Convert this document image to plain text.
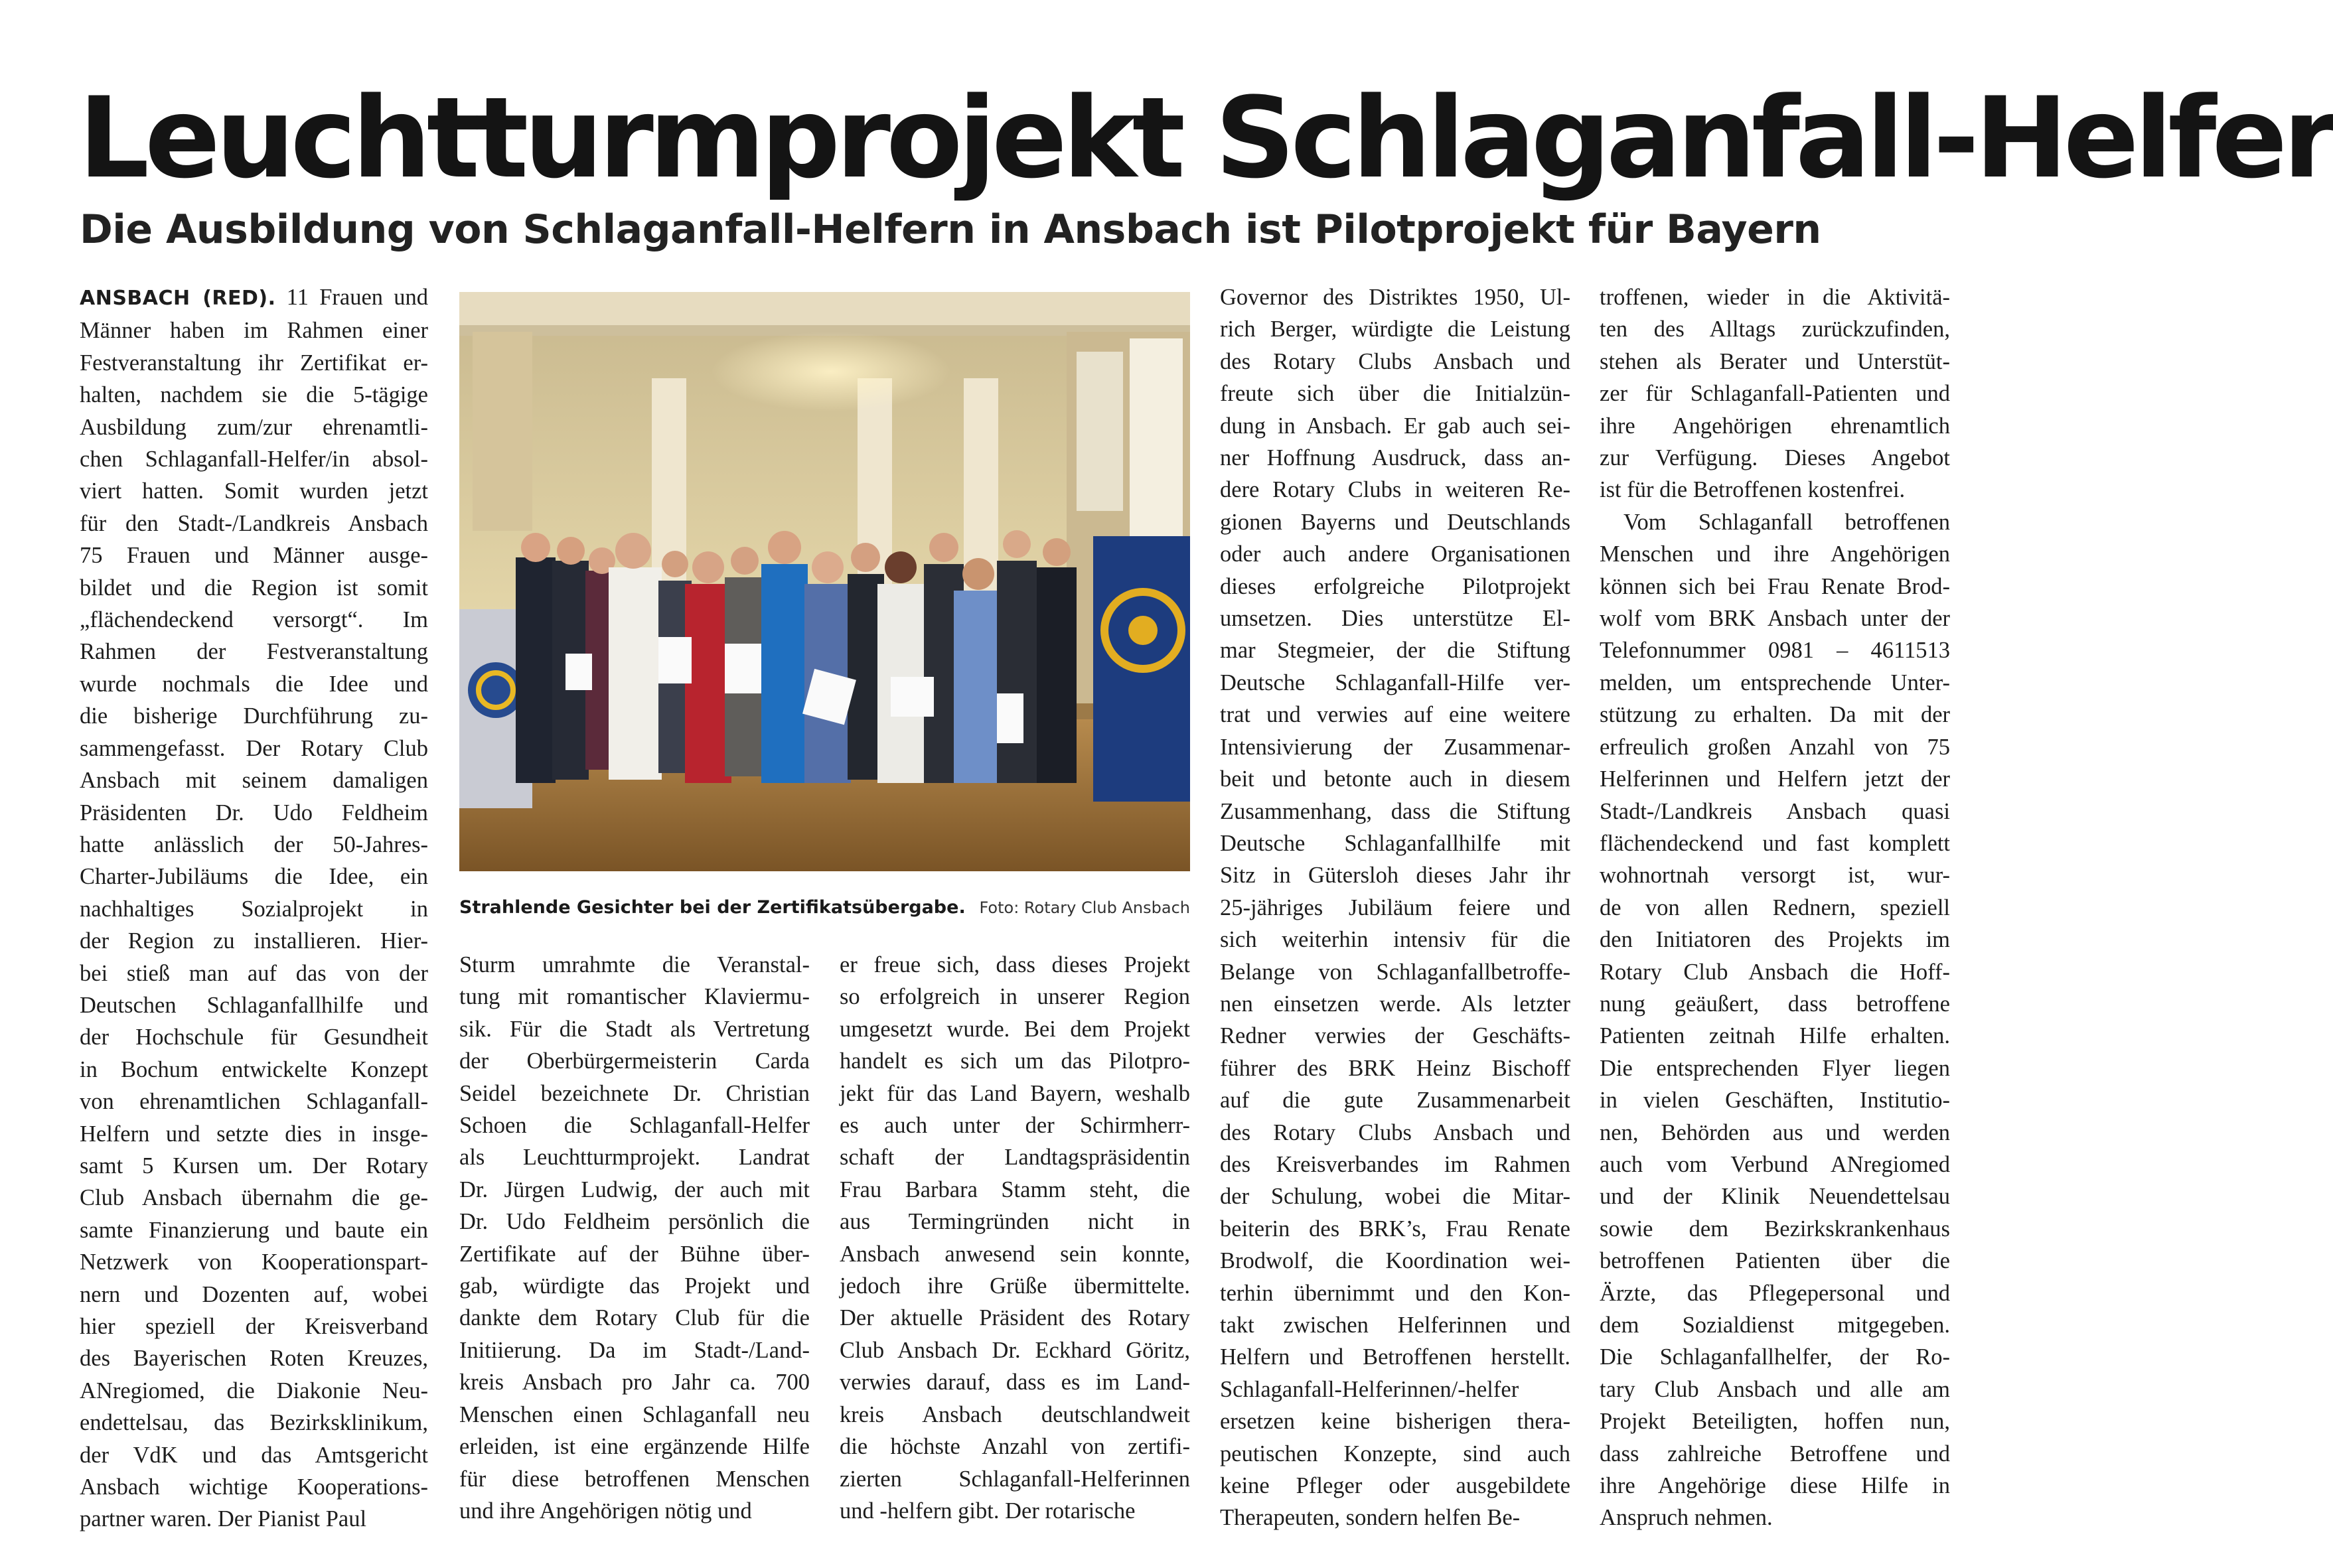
Leuchtturmprojekt Schlaganfall-Helfer
Die Ausbildung von Schlaganfall-Helfern in Ansbach ist Pilotprojekt für Bayern
ANSBACH (RED). 11 Frauen und
Männer haben im Rahmen einer
Festveranstaltung ihr Zertifikat er-
halten, nachdem sie die 5-tägige
Ausbildung zum/zur ehrenamtli-
chen Schlaganfall-Helfer/in absol-
viert hatten. Somit wurden jetzt
für den Stadt-/Landkreis Ansbach
75 Frauen und Männer ausge-
bildet und die Region ist somit
„flächendeckend versorgt“. Im
Rahmen der Festveranstaltung
wurde nochmals die Idee und
die bisherige Durchführung zu-
sammengefasst. Der Rotary Club
Ansbach mit seinem damaligen
Präsidenten Dr. Udo Feldheim
hatte anlässlich der 50-Jahres-
Charter-Jubiläums die Idee, ein
nachhaltiges Sozialprojekt in
der Region zu installieren. Hier-
bei stieß man auf das von der
Deutschen Schlaganfallhilfe und
der Hochschule für Gesundheit
in Bochum entwickelte Konzept
von ehrenamtlichen Schlaganfall-
Helfern und setzte dies in insge-
samt 5 Kursen um. Der Rotary
Club Ansbach übernahm die ge-
samte Finanzierung und baute ein
Netzwerk von Kooperationspart-
nern und Dozenten auf, wobei
hier speziell der Kreisverband
des Bayerischen Roten Kreuzes,
ANregiomed, die Diakonie Neu-
endettelsau, das Bezirksklinikum,
der VdK und das Amtsgericht
Ansbach wichtige Kooperations-
partner waren. Der Pianist Paul
Strahlende Gesichter bei der Zertifikatsübergabe. Foto: Rotary Club Ansbach
Sturm umrahmte die Veranstal-
tung mit romantischer Klaviermu-
sik. Für die Stadt als Vertretung
der Oberbürgermeisterin Carda
Seidel bezeichnete Dr. Christian
Schoen die Schlaganfall-Helfer
als Leuchtturmprojekt. Landrat
Dr. Jürgen Ludwig, der auch mit
Dr. Udo Feldheim persönlich die
Zertifikate auf der Bühne über-
gab, würdigte das Projekt und
dankte dem Rotary Club für die
Initiierung. Da im Stadt-/Land-
kreis Ansbach pro Jahr ca. 700
Menschen einen Schlaganfall neu
erleiden, ist eine ergänzende Hilfe
für diese betroffenen Menschen
und ihre Angehörigen nötig und
er freue sich, dass dieses Projekt
so erfolgreich in unserer Region
umgesetzt wurde. Bei dem Projekt
handelt es sich um das Pilotpro-
jekt für das Land Bayern, weshalb
es auch unter der Schirmherr-
schaft der Landtagspräsidentin
Frau Barbara Stamm steht, die
aus Termingründen nicht in
Ansbach anwesend sein konnte,
jedoch ihre Grüße übermittelte.
Der aktuelle Präsident des Rotary
Club Ansbach Dr. Eckhard Göritz,
verwies darauf, dass es im Land-
kreis Ansbach deutschlandweit
die höchste Anzahl von zertifi-
zierten Schlaganfall-Helferinnen
und -helfern gibt. Der rotarische
Governor des Distriktes 1950, Ul-
rich Berger, würdigte die Leistung
des Rotary Clubs Ansbach und
freute sich über die Initialzün-
dung in Ansbach. Er gab auch sei-
ner Hoffnung Ausdruck, dass an-
dere Rotary Clubs in weiteren Re-
gionen Bayerns und Deutschlands
oder auch andere Organisationen
dieses erfolgreiche Pilotprojekt
umsetzen. Dies unterstütze El-
mar Stegmeier, der die Stiftung
Deutsche Schlaganfall-Hilfe ver-
trat und verwies auf eine weitere
Intensivierung der Zusammenar-
beit und betonte auch in diesem
Zusammenhang, dass die Stiftung
Deutsche Schlaganfallhilfe mit
Sitz in Gütersloh dieses Jahr ihr
25-jähriges Jubiläum feiere und
sich weiterhin intensiv für die
Belange von Schlaganfallbetroffe-
nen einsetzen werde. Als letzter
Redner verwies der Geschäfts-
führer des BRK Heinz Bischoff
auf die gute Zusammenarbeit
des Rotary Clubs Ansbach und
des Kreisverbandes im Rahmen
der Schulung, wobei die Mitar-
beiterin des BRK’s, Frau Renate
Brodwolf, die Koordination wei-
terhin übernimmt und den Kon-
takt zwischen Helferinnen und
Helfern und Betroffenen herstellt.
Schlaganfall-Helferinnen/-helfer
ersetzen keine bisherigen thera-
peutischen Konzepte, sind auch
keine Pfleger oder ausgebildete
Therapeuten, sondern helfen Be-
troffenen, wieder in die Aktivitä-
ten des Alltags zurückzufinden,
stehen als Berater und Unterstüt-
zer für Schlaganfall-Patienten und
ihre Angehörigen ehrenamtlich
zur Verfügung. Dieses Angebot
ist für die Betroffenen kostenfrei.
Vom Schlaganfall betroffenen
Menschen und ihre Angehörigen
können sich bei Frau Renate Brod-
wolf vom BRK Ansbach unter der
Telefonnummer 0981 – 4611513
melden, um entsprechende Unter-
stützung zu erhalten. Da mit der
erfreulich großen Anzahl von 75
Helferinnen und Helfern jetzt der
Stadt-/Landkreis Ansbach quasi
flächendeckend und fast komplett
wohnortnah versorgt ist, wur-
de von allen Rednern, speziell
den Initiatoren des Projekts im
Rotary Club Ansbach die Hoff-
nung geäußert, dass betroffene
Patienten zeitnah Hilfe erhalten.
Die entsprechenden Flyer liegen
in vielen Geschäften, Institutio-
nen, Behörden aus und werden
auch vom Verbund ANregiomed
und der Klinik Neuendettelsau
sowie dem Bezirkskrankenhaus
betroffenen Patienten über die
Ärzte, das Pflegepersonal und
dem Sozialdienst mitgegeben.
Die Schlaganfallhelfer, der Ro-
tary Club Ansbach und alle am
Projekt Beteiligten, hoffen nun,
dass zahlreiche Betroffene und
ihre Angehörige diese Hilfe in
Anspruch nehmen.
